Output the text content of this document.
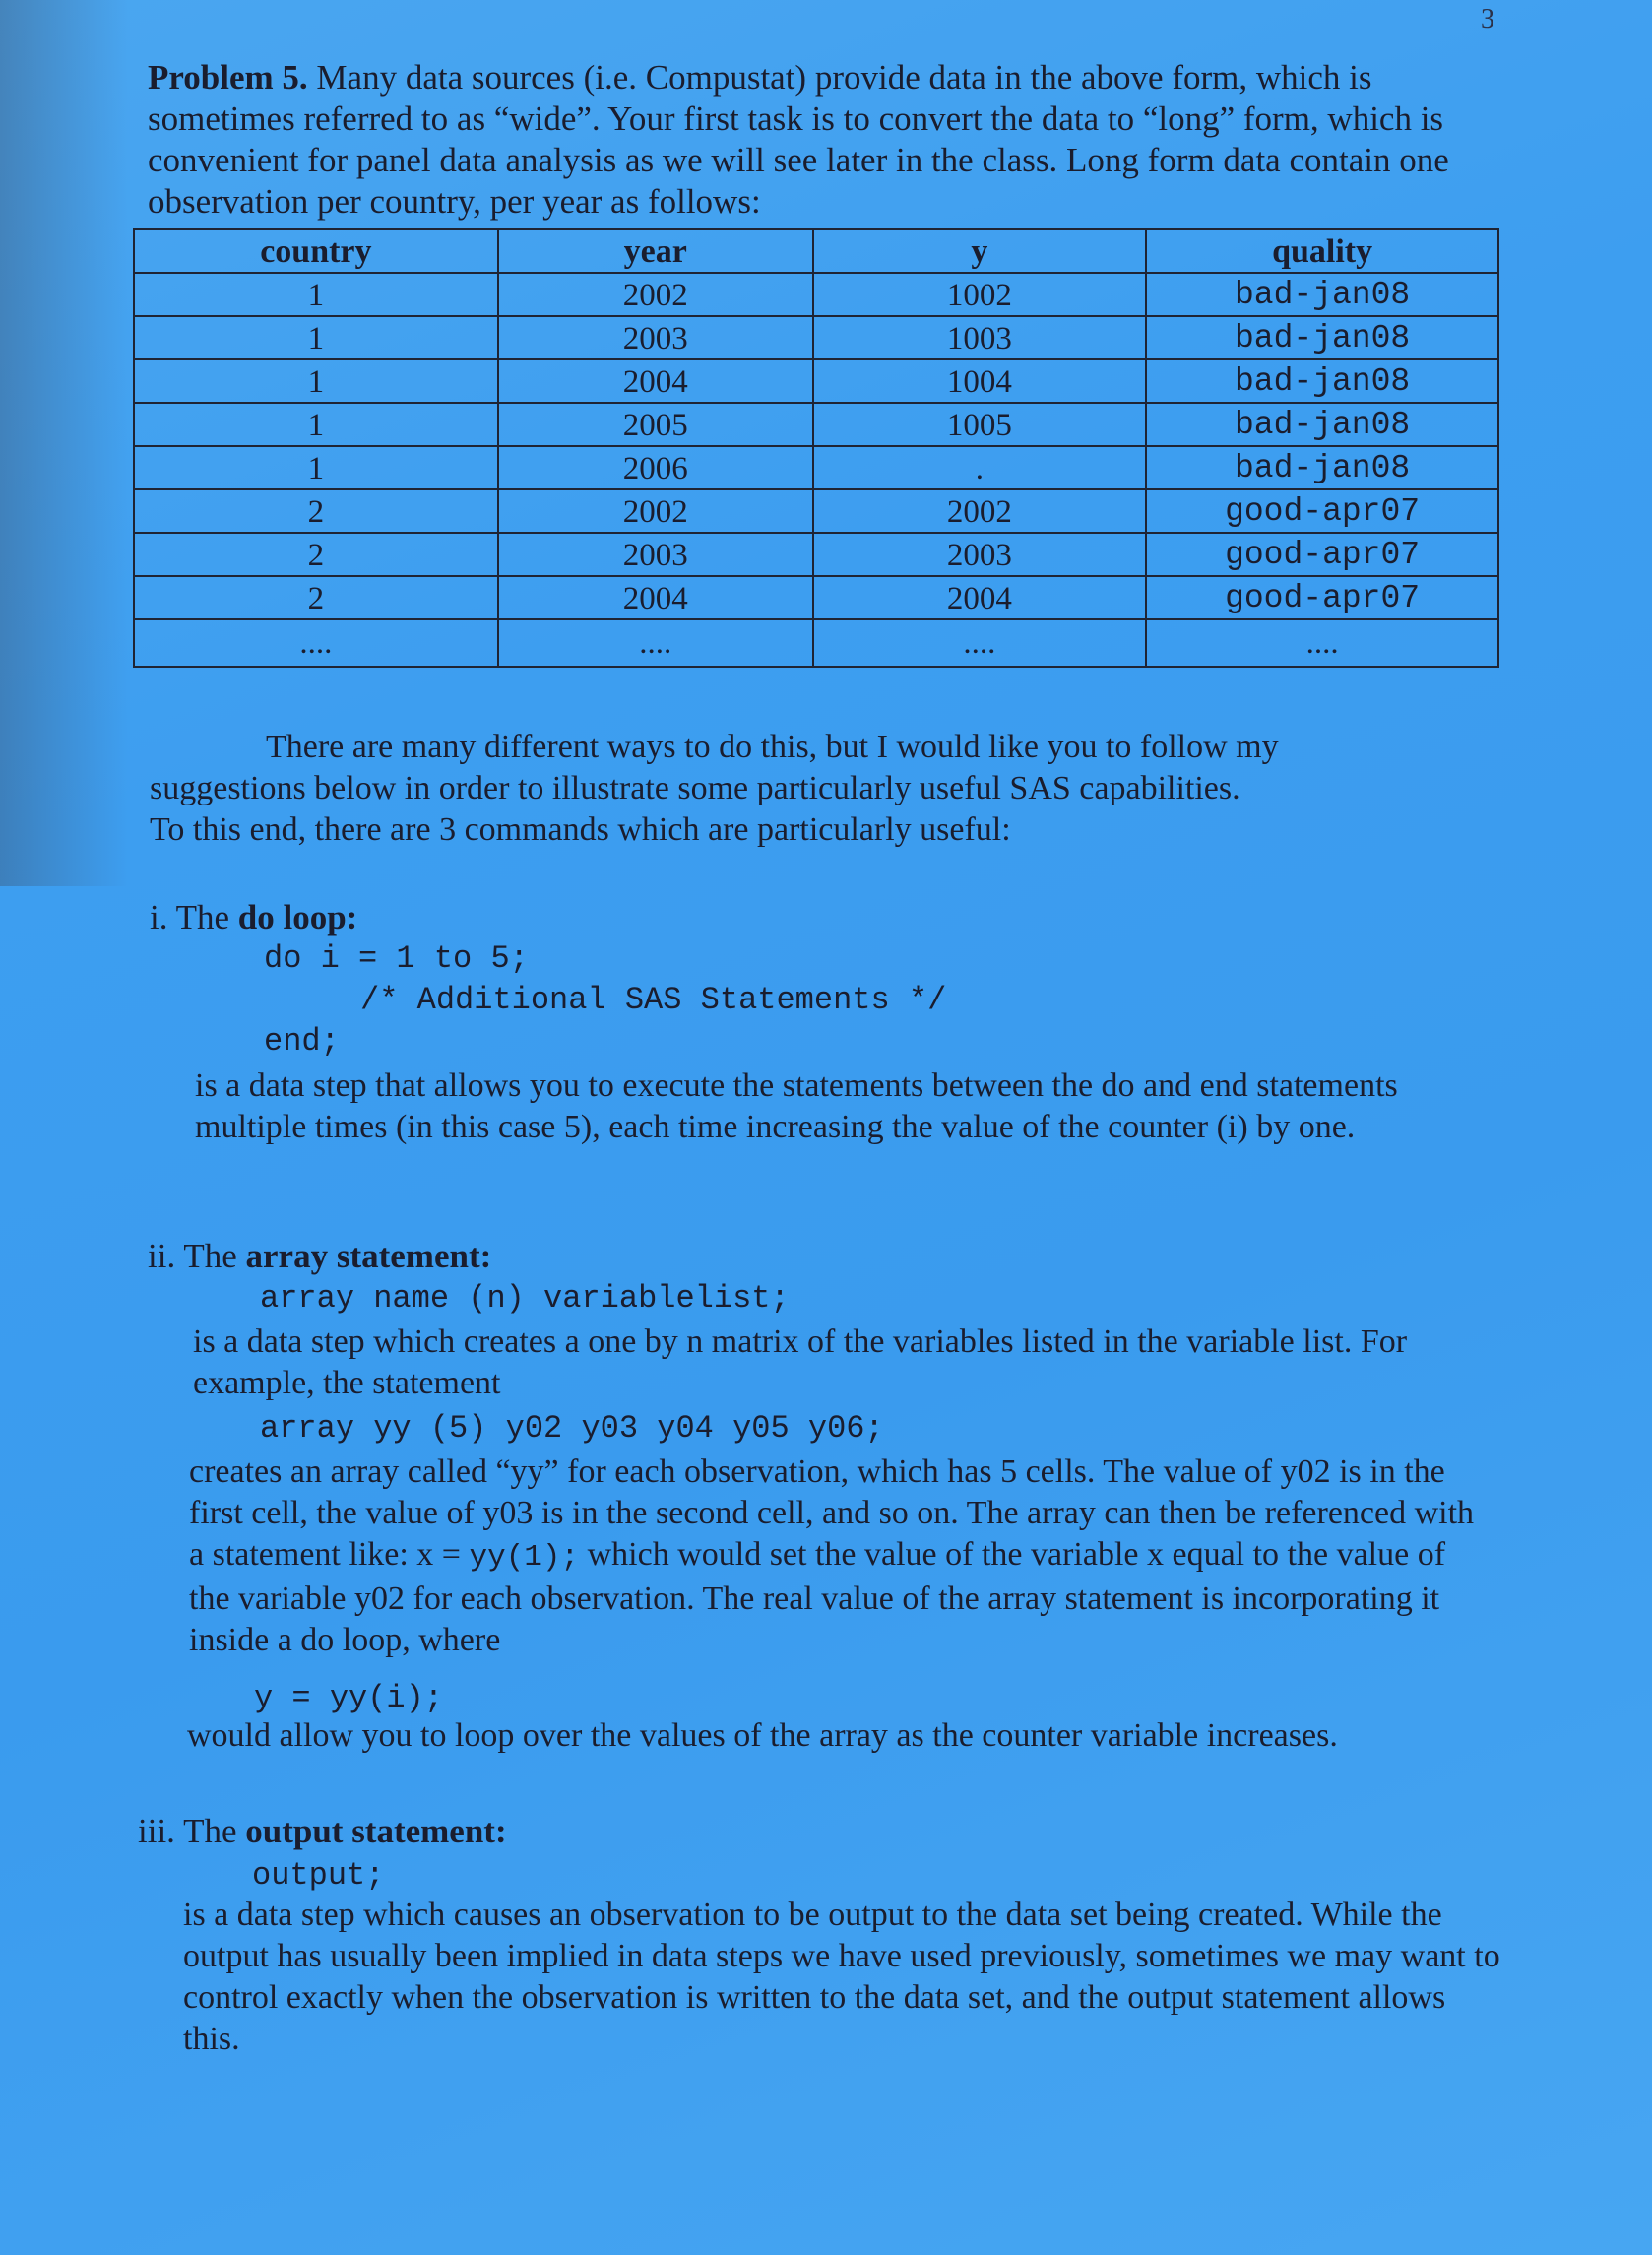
3
Problem 5. Many data sources (i.e. Compustat) provide data in the above form, which is sometimes referred to as “wide”. Your first task is to convert the data to “long” form, which is convenient for panel data analysis as we will see later in the class. Long form data contain one observation per country, per year as follows:
country	year	y	quality
1	2002	1002	bad-jan08
1	2003	1003	bad-jan08
1	2004	1004	bad-jan08
1	2005	1005	bad-jan08
1	2006	.	bad-jan08
2	2002	2002	good-apr07
2	2003	2003	good-apr07
2	2004	2004	good-apr07
....	....	....	....
There are many different ways to do this, but I would like you to follow my
suggestions below in order to illustrate some particularly useful SAS capabilities.
To this end, there are 3 commands which are particularly useful:
i. The do loop:
do i = 1 to 5;
/* Additional SAS Statements */
end;
is a data step that allows you to execute the statements between the do and end statements multiple times (in this case 5), each time increasing the value of the counter (i) by one.
ii. The array statement:
array name (n) variablelist;
is a data step which creates a one by n matrix of the variables listed in the variable list. For example, the statement
array yy (5) y02 y03 y04 y05 y06;
creates an array called “yy” for each observation, which has 5 cells. The value of y02 is in the first cell, the value of y03 is in the second cell, and so on. The array can then be referenced with a statement like: x = yy(1); which would set the value of the variable x equal to the value of the variable y02 for each observation. The real value of the array statement is incorporating it inside a do loop, where
y = yy(i);
would allow you to loop over the values of the array as the counter variable increases.
iii. The output statement:
output;
is a data step which causes an observation to be output to the data set being created. While the output has usually been implied in data steps we have used previously, sometimes we may want to control exactly when the observation is written to the data set, and the output statement allows this.
